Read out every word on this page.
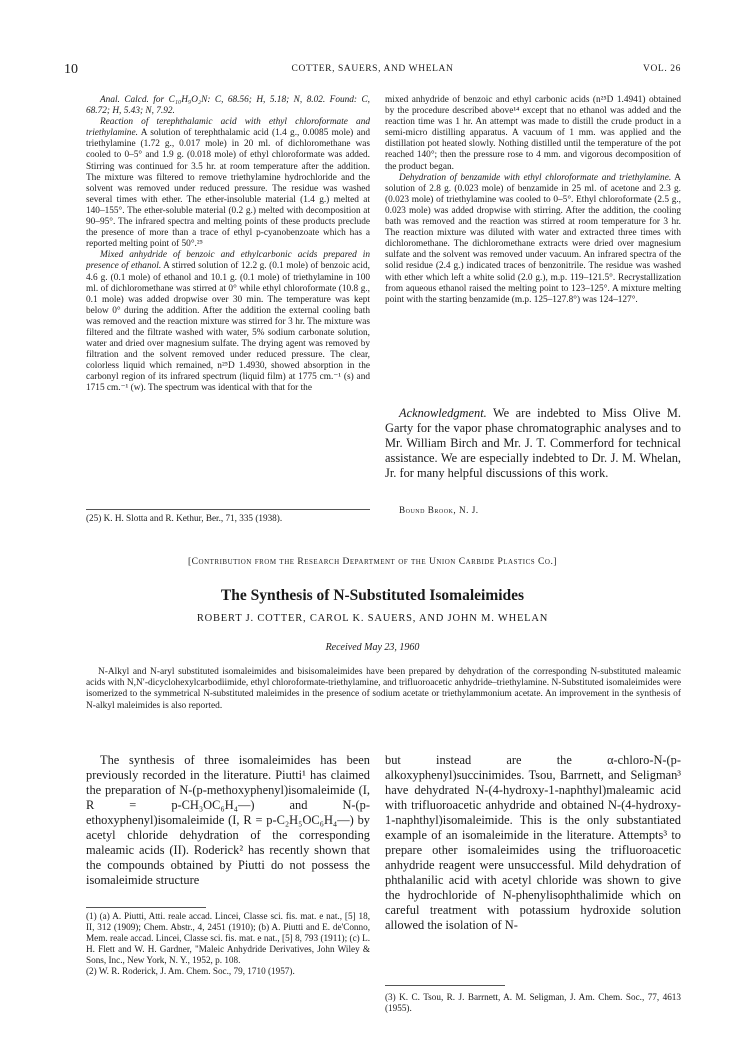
10	COTTER, SAUERS, AND WHELAN	VOL. 26

Anal. Calcd. for C₁₀H₉O₂N: C, 68.56; H, 5.18; N, 8.02. Found: C, 68.72; H, 5.43; N, 7.92.

Reaction of terephthalamic acid with ethyl chloroformate and triethylamine. A solution of terephthalamic acid (1.4 g., 0.0085 mole) and triethylamine (1.72 g., 0.017 mole) in 20 ml. of dichloromethane was cooled to 0–5° and 1.9 g. (0.018 mole) of ethyl chloroformate was added. Stirring was continued for 3.5 hr. at room temperature after the addition. The mixture was filtered to remove triethylamine hydrochloride and the solvent was removed under reduced pressure. The residue was washed several times with ether. The ether-insoluble material (1.4 g.) melted at 140–155°. The ether-soluble material (0.2 g.) melted with decomposition at 90–95°. The infrared spectra and melting points of these products preclude the presence of more than a trace of ethyl p-cyanobenzoate which has a reported melting point of 50°.²⁵

Mixed anhydride of benzoic and ethylcarbonic acids prepared in presence of ethanol. A stirred solution of 12.2 g. (0.1 mole) of benzoic acid, 4.6 g. (0.1 mole) of ethanol and 10.1 g. (0.1 mole) of triethylamine in 100 ml. of dichloromethane was stirred at 0° while ethyl chloroformate (10.8 g., 0.1 mole) was added dropwise over 30 min. The temperature was kept below 0° during the addition. After the addition the external cooling bath was removed and the reaction mixture was stirred for 3 hr. The mixture was filtered and the filtrate washed with water, 5% sodium carbonate solution, water and dried over magnesium sulfate. The drying agent was removed by filtration and the solvent removed under reduced pressure. The clear, colorless liquid which remained, n²⁵D 1.4930, showed absorption in the carbonyl region of its infrared spectrum (liquid film) at 1775 cm.⁻¹ (s) and 1715 cm.⁻¹ (w). The spectrum was identical with that for the

(25) K. H. Slotta and R. Kethur, Ber., 71, 335 (1938).

mixed anhydride of benzoic and ethyl carbonic acids (n²⁵D 1.4941) obtained by the procedure described above¹⁴ except that no ethanol was added and the reaction time was 1 hr. An attempt was made to distill the crude product in a semi-micro distilling apparatus. A vacuum of 1 mm. was applied and the distillation pot heated slowly. Nothing distilled until the temperature of the pot reached 140°; then the pressure rose to 4 mm. and vigorous decomposition of the product began.

Dehydration of benzamide with ethyl chloroformate and triethylamine. A solution of 2.8 g. (0.023 mole) of benzamide in 25 ml. of acetone and 2.3 g. (0.023 mole) of triethylamine was cooled to 0–5°. Ethyl chloroformate (2.5 g., 0.023 mole) was added dropwise with stirring. After the addition, the cooling bath was removed and the reaction was stirred at room temperature for 3 hr. The reaction mixture was diluted with water and extracted three times with dichloromethane. The dichloromethane extracts were dried over magnesium sulfate and the solvent was removed under vacuum. An infrared spectra of the solid residue (2.4 g.) indicated traces of benzonitrile. The residue was washed with ether which left a white solid (2.0 g.), m.p. 119–121.5°. Recrystallization from aqueous ethanol raised the melting point to 123–125°. A mixture melting point with the starting benzamide (m.p. 125–127.8°) was 124–127°.

Acknowledgment. We are indebted to Miss Olive M. Garty for the vapor phase chromatographic analyses and to Mr. William Birch and Mr. J. T. Commerford for technical assistance. We are especially indebted to Dr. J. M. Whelan, Jr. for many helpful discussions of this work.

Bound Brook, N. J.
[Contribution from the Research Department of the Union Carbide Plastics Co.]
The Synthesis of N-Substituted Isomaleimides
ROBERT J. COTTER, CAROL K. SAUERS, AND JOHN M. WHELAN
Received May 23, 1960

N-Alkyl and N-aryl substituted isomaleimides and bisisomaleimides have been prepared by dehydration of the corresponding N-substituted maleamic acids with N,N′-dicyclohexylcarbodiimide, ethyl chloroformate-triethylamine, and trifluoroacetic anhydride–triethylamine. N-Substituted isomaleimides were isomerized to the symmetrical N-substituted maleimides in the presence of sodium acetate or triethylammonium acetate. An improvement in the synthesis of N-alkyl maleimides is also reported.

The synthesis of three isomaleimides has been previously recorded in the literature. Piutti¹ has claimed the preparation of N-(p-methoxyphenyl)isomaleimide (I, R = p-CH₃OC₆H₄—) and N-(p-ethoxyphenyl)isomaleimide (I, R = p-C₂H₅OC₆H₄—) by acetyl chloride dehydration of the corresponding maleamic acids (II). Roderick² has recently shown that the compounds obtained by Piutti do not possess the isomaleimide structure

(1) (a) A. Piutti, Atti. reale accad. Lincei, Classe sci. fis. mat. e nat., [5] 18, II, 312 (1909); Chem. Abstr., 4, 2451 (1910); (b) A. Piutti and E. de'Conno, Mem. reale accad. Lincei, Classe sci. fis. mat. e nat., [5] 8, 793 (1911); (c) L. H. Flett and W. H. Gardner, "Maleic Anhydride Derivatives, John Wiley & Sons, Inc., New York, N. Y., 1952, p. 108.

(2) W. R. Roderick, J. Am. Chem. Soc., 79, 1710 (1957).

but instead are the α-chloro-N-(p-alkoxyphenyl)succinimides. Tsou, Barrnett, and Seligman³ have dehydrated N-(4-hydroxy-1-naphthyl)maleamic acid with trifluoroacetic anhydride and obtained N-(4-hydroxy-1-naphthyl)isomaleimide. This is the only substantiated example of an isomaleimide in the literature. Attempts³ to prepare other isomaleimides using the trifluoroacetic anhydride reagent were unsuccessful. Mild dehydration of phthalanilic acid with acetyl chloride was shown to give the hydrochloride of N-phenylisophthalimide which on careful treatment with potassium hydroxide solution allowed the isolation of N-

(3) K. C. Tsou, R. J. Barrnett, A. M. Seligman, J. Am. Chem. Soc., 77, 4613 (1955).
